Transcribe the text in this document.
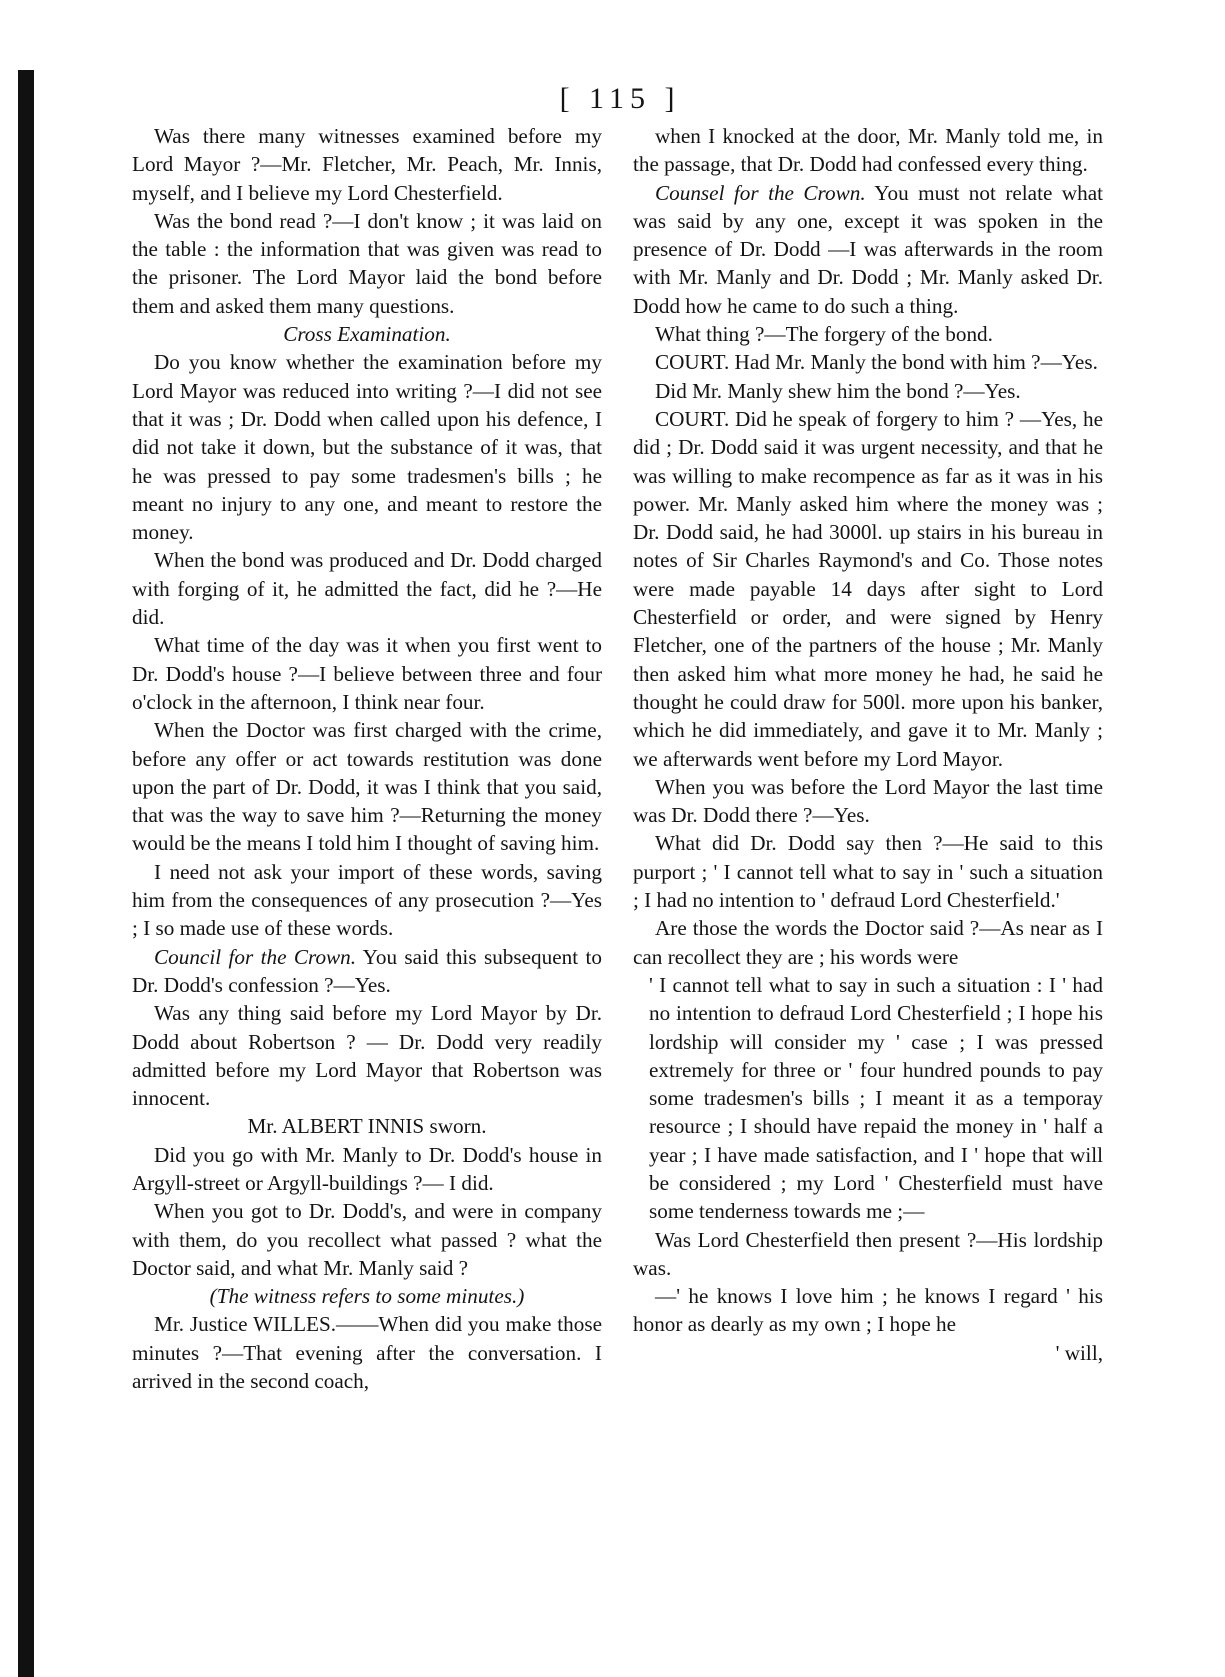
[ 115 ]

Was there many witnesses examined before my Lord Mayor ?—Mr. Fletcher, Mr. Peach, Mr. Innis, myself, and I believe my Lord Chesterfield.

Was the bond read ?—I don't know ; it was laid on the table : the information that was given was read to the prisoner. The Lord Mayor laid the bond before them and asked them many questions.

Cross Examination.

Do you know whether the examination before my Lord Mayor was reduced into writing ?—I did not see that it was ; Dr. Dodd when called upon his defence, I did not take it down, but the substance of it was, that he was pressed to pay some tradesmen's bills ; he meant no injury to any one, and meant to restore the money.

When the bond was produced and Dr. Dodd charged with forging of it, he admitted the fact, did he ?—He did.

What time of the day was it when you first went to Dr. Dodd's house ?—I believe between three and four o'clock in the afternoon, I think near four.

When the Doctor was first charged with the crime, before any offer or act towards restitution was done upon the part of Dr. Dodd, it was I think that you said, that was the way to save him ?—Returning the money would be the means I told him I thought of saving him.

I need not ask your import of these words, saving him from the consequences of any prosecution ?—Yes ; I so made use of these words.

Council for the Crown. You said this subsequent to Dr. Dodd's confession ?—Yes.

Was any thing said before my Lord Mayor by Dr. Dodd about Robertson ? — Dr. Dodd very readily admitted before my Lord Mayor that Robertson was innocent.

Mr. ALBERT INNIS sworn.

Did you go with Mr. Manly to Dr. Dodd's house in Argyll-street or Argyll-buildings ?— I did.

When you got to Dr. Dodd's, and were in company with them, do you recollect what passed ? what the Doctor said, and what Mr. Manly said ?

(The witness refers to some minutes.)

Mr. Justice WILLES.——When did you make those minutes ?—That evening after the conversation. I arrived in the second coach,

when I knocked at the door, Mr. Manly told me, in the passage, that Dr. Dodd had confessed every thing.

Counsel for the Crown. You must not relate what was said by any one, except it was spoken in the presence of Dr. Dodd —I was afterwards in the room with Mr. Manly and Dr. Dodd ; Mr. Manly asked Dr. Dodd how he came to do such a thing.

What thing ?—The forgery of the bond.

COURT. Had Mr. Manly the bond with him ?—Yes.

Did Mr. Manly shew him the bond ?—Yes.

COURT. Did he speak of forgery to him ? —Yes, he did ; Dr. Dodd said it was urgent necessity, and that he was willing to make recompence as far as it was in his power. Mr. Manly asked him where the money was ; Dr. Dodd said, he had 3000l. up stairs in his bureau in notes of Sir Charles Raymond's and Co. Those notes were made payable 14 days after sight to Lord Chesterfield or order, and were signed by Henry Fletcher, one of the partners of the house ; Mr. Manly then asked him what more money he had, he said he thought he could draw for 500l. more upon his banker, which he did immediately, and gave it to Mr. Manly ; we afterwards went before my Lord Mayor.

When you was before the Lord Mayor the last time was Dr. Dodd there ?—Yes.

What did Dr. Dodd say then ?—He said to this purport ; ' I cannot tell what to say in ' such a situation ; I had no intention to ' defraud Lord Chesterfield.'

Are those the words the Doctor said ?—As near as I can recollect they are ; his words were

' I cannot tell what to say in such a situation : I ' had no intention to defraud Lord Chesterfield ; I hope his lordship will consider my ' case ; I was pressed extremely for three or ' four hundred pounds to pay some tradesmen's bills ; I meant it as a temporay resource ; I should have repaid the money in ' half a year ; I have made satisfaction, and I ' hope that will be considered ; my Lord ' Chesterfield must have some tenderness towards me ;—

Was Lord Chesterfield then present ?—His lordship was.

—' he knows I love him ; he knows I regard ' his honor as dearly as my own ; I hope he

' will,
